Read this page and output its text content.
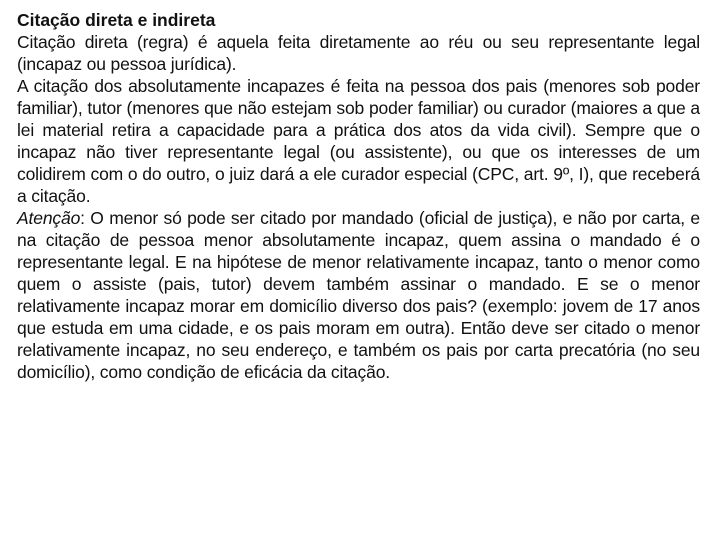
Citação direta e indireta

Citação direta (regra) é aquela feita diretamente ao réu ou seu representante legal (incapaz ou pessoa jurídica).

A citação dos absolutamente incapazes é feita na pessoa dos pais (menores sob poder familiar), tutor (menores que não estejam sob poder familiar) ou curador (maiores a que a lei material retira a capacidade para a prática dos atos da vida civil). Sempre que o incapaz não tiver representante legal (ou assistente), ou que os interesses de um colidirem com o do outro, o juiz dará a ele curador especial (CPC, art. 9º, I), que receberá a citação.

Atenção: O menor só pode ser citado por mandado (oficial de justiça), e não por carta, e na citação de pessoa menor absolutamente incapaz, quem assina o mandado é o representante legal. E na hipótese de menor relativamente incapaz, tanto o menor como quem o assiste (pais, tutor) devem também assinar o mandado. E se o menor relativamente incapaz morar em domicílio diverso dos pais? (exemplo: jovem de 17 anos que estuda em uma cidade, e os pais moram em outra). Então deve ser citado o menor relativamente incapaz, no seu endereço, e também os pais por carta precatória (no seu domicílio), como condição de eficácia da citação.
